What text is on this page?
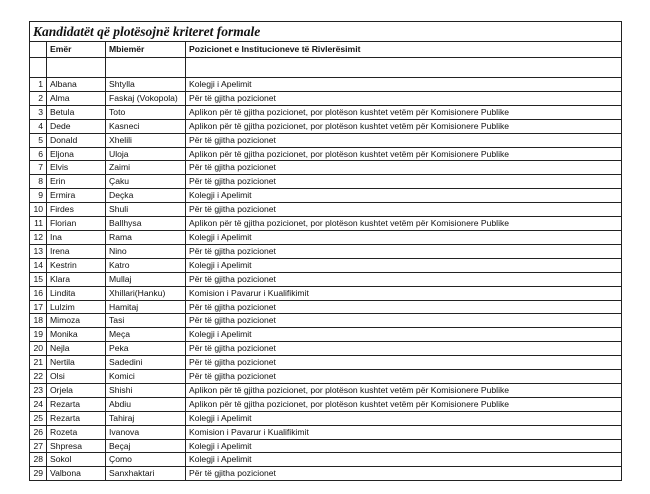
Kandidatët që plotësojnë kriteret formale			
	Emër	Mbiemër	Pozicionet e Institucioneve të Rivlerësimit

1	Albana	Shtylla	Kolegji i Apelimit
2	Alma	Faskaj (Vokopola)	Për të gjitha pozicionet
3	Betula	Toto	Aplikon për të gjitha pozicionet, por plotëson kushtet vetëm për Komisionere Publike
4	Dede	Kasneci	Aplikon për të gjitha pozicionet, por plotëson kushtet vetëm për Komisionere Publike
5	Donald	Xhelili	Për të gjitha pozicionet
6	Eljona	Uloja	Aplikon për të gjitha pozicionet, por plotëson kushtet vetëm për Komisionere Publike
7	Elvis	Zaimi	Për të gjitha pozicionet
8	Erin	Çaku	Për të gjitha pozicionet
9	Ermira	Deçka	Kolegji i Apelimit
10	Firdes	Shuli	Për të gjitha pozicionet
11	Florian	Ballhysa	Aplikon për të gjitha pozicionet, por plotëson kushtet vetëm për Komisionere Publike
12	Ina	Rama	Kolegji i Apelimit
13	Irena	Nino	Për të gjitha pozicionet
14	Kestrin	Katro	Kolegji i Apelimit
15	Klara	Mullaj	Për të gjitha pozicionet
16	Lindita	Xhillari(Hanku)	Komision i Pavarur i Kualifikimit
17	Lulzim	Hamitaj	Për të gjitha pozicionet
18	Mimoza	Tasi	Për të gjitha pozicionet
19	Monika	Meça	Kolegji i Apelimit
20	Nejla	Peka	Për të gjitha pozicionet
21	Nertila	Sadedini	Për të gjitha pozicionet
22	Olsi	Komici	Për të gjitha pozicionet
23	Orjela	Shishi	Aplikon për të gjitha pozicionet, por plotëson kushtet vetëm për Komisionere Publike
24	Rezarta	Abdiu	Aplikon për të gjitha pozicionet, por plotëson kushtet vetëm për Komisionere Publike
25	Rezarta	Tahiraj	Kolegji i Apelimit
26	Rozeta	Ivanova	Komision i Pavarur i Kualifikimit
27	Shpresa	Beçaj	Kolegji i Apelimit
28	Sokol	Çomo	Kolegji i Apelimit
29	Valbona	Sanxhaktari	Për të gjitha pozicionet
